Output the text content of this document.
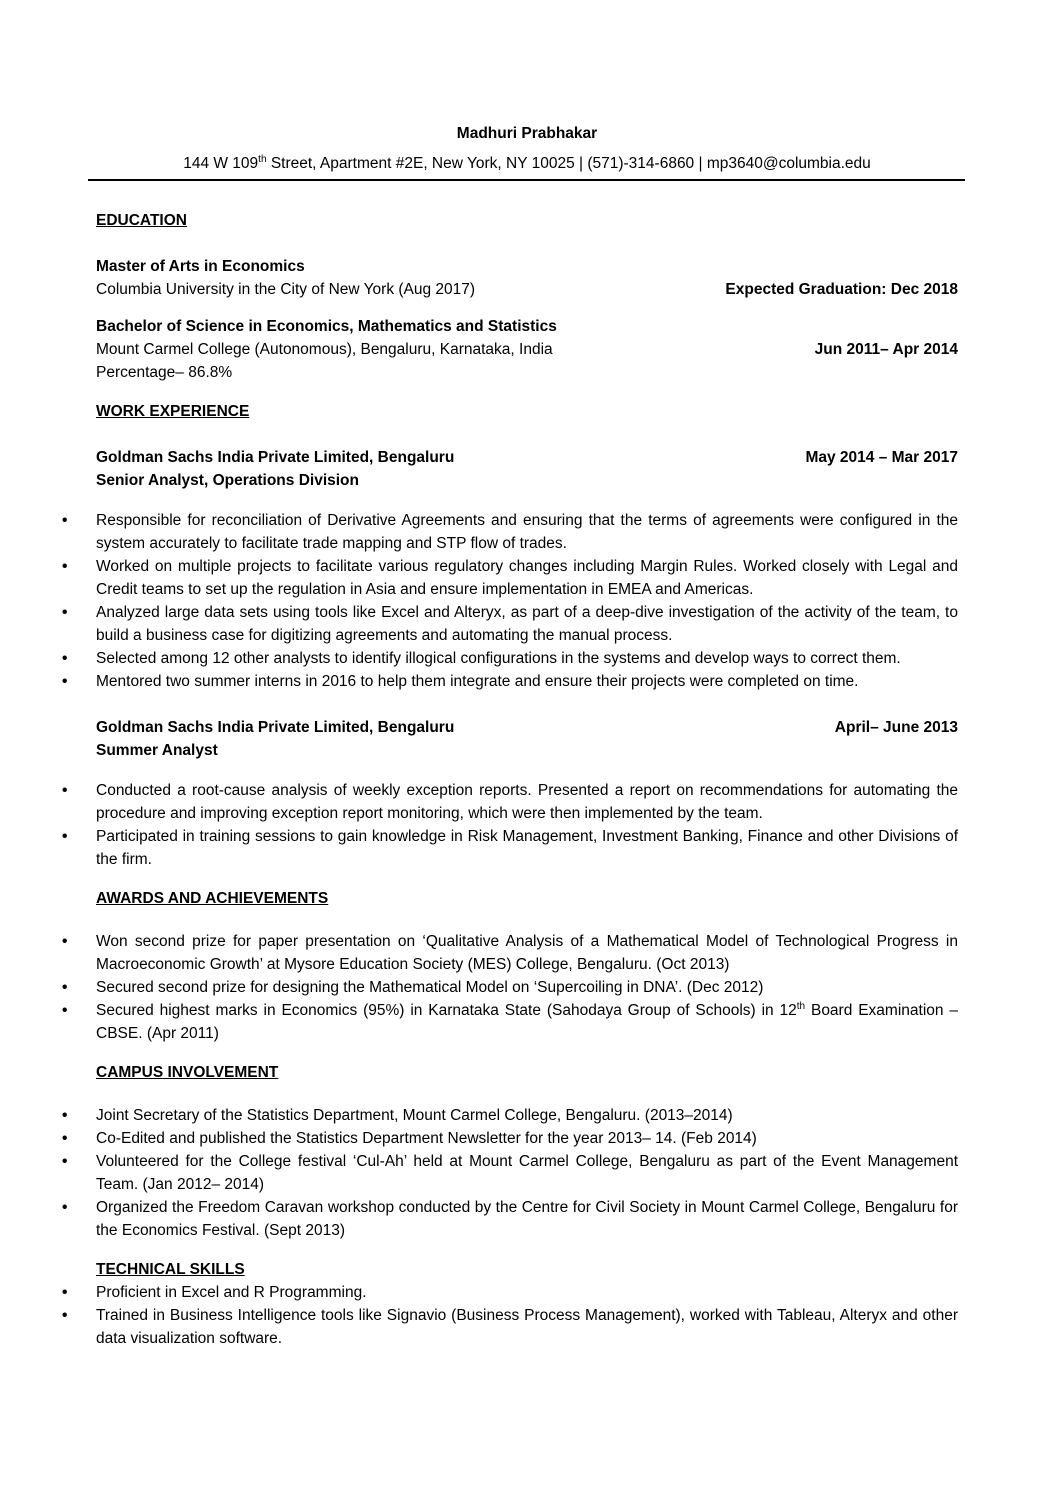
Madhuri Prabhakar
144 W 109th Street, Apartment #2E, New York, NY 10025 | (571)-314-6860 | mp3640@columbia.edu
EDUCATION
Master of Arts in Economics
Columbia University in the City of New York (Aug 2017)	Expected Graduation: Dec 2018
Bachelor of Science in Economics, Mathematics and Statistics
Mount Carmel College (Autonomous), Bengaluru, Karnataka, India	Jun 2011– Apr 2014
Percentage– 86.8%
WORK EXPERIENCE
Goldman Sachs India Private Limited, Bengaluru	May 2014 – Mar 2017
Senior Analyst, Operations Division
• Responsible for reconciliation of Derivative Agreements and ensuring that the terms of agreements were configured in the system accurately to facilitate trade mapping and STP flow of trades.
• Worked on multiple projects to facilitate various regulatory changes including Margin Rules. Worked closely with Legal and Credit teams to set up the regulation in Asia and ensure implementation in EMEA and Americas.
• Analyzed large data sets using tools like Excel and Alteryx, as part of a deep-dive investigation of the activity of the team, to build a business case for digitizing agreements and automating the manual process.
• Selected among 12 other analysts to identify illogical configurations in the systems and develop ways to correct them.
• Mentored two summer interns in 2016 to help them integrate and ensure their projects were completed on time.
Goldman Sachs India Private Limited, Bengaluru	April– June 2013
Summer Analyst
• Conducted a root-cause analysis of weekly exception reports. Presented a report on recommendations for automating the procedure and improving exception report monitoring, which were then implemented by the team.
• Participated in training sessions to gain knowledge in Risk Management, Investment Banking, Finance and other Divisions of the firm.
AWARDS AND ACHIEVEMENTS
• Won second prize for paper presentation on ‘Qualitative Analysis of a Mathematical Model of Technological Progress in Macroeconomic Growth’ at Mysore Education Society (MES) College, Bengaluru. (Oct 2013)
• Secured second prize for designing the Mathematical Model on ‘Supercoiling in DNA’. (Dec 2012)
• Secured highest marks in Economics (95%) in Karnataka State (Sahodaya Group of Schools) in 12th Board Examination – CBSE. (Apr 2011)
CAMPUS INVOLVEMENT
• Joint Secretary of the Statistics Department, Mount Carmel College, Bengaluru. (2013–2014)
• Co-Edited and published the Statistics Department Newsletter for the year 2013– 14. (Feb 2014)
• Volunteered for the College festival ‘Cul-Ah’ held at Mount Carmel College, Bengaluru as part of the Event Management Team. (Jan 2012– 2014)
• Organized the Freedom Caravan workshop conducted by the Centre for Civil Society in Mount Carmel College, Bengaluru for the Economics Festival. (Sept 2013)
TECHNICAL SKILLS
• Proficient in Excel and R Programming.
• Trained in Business Intelligence tools like Signavio (Business Process Management), worked with Tableau, Alteryx and other data visualization software.
